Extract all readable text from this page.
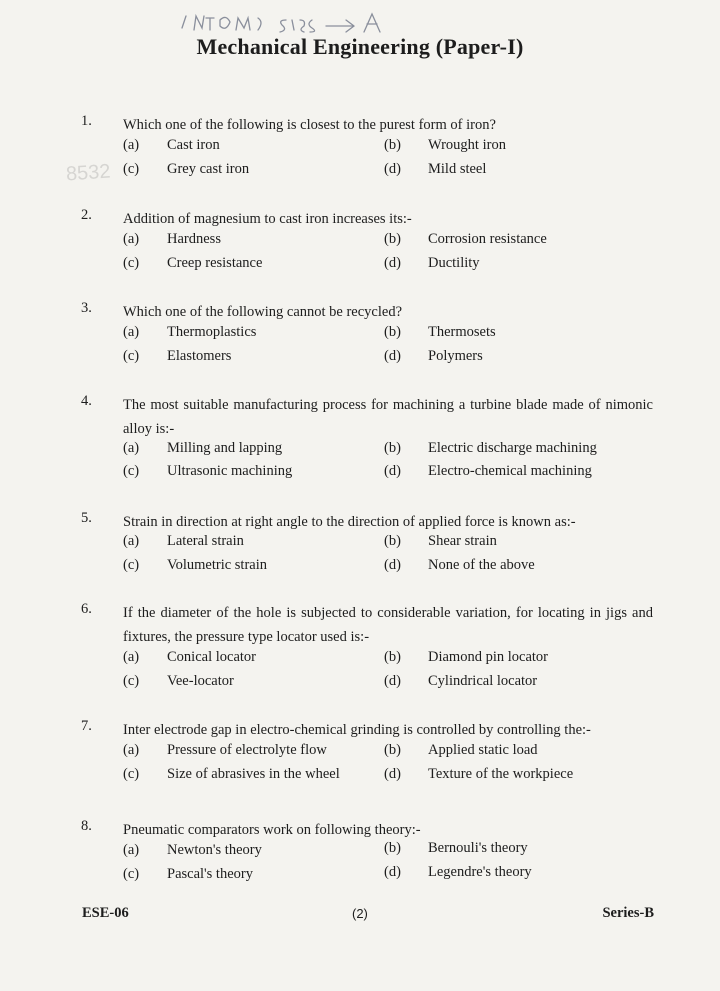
Mechanical Engineering (Paper-I)
8532
1. Which one of the following is closest to the purest form of iron?
(a) Cast iron	(b) Wrought iron
(c) Grey cast iron	(d) Mild steel
2. Addition of magnesium to cast iron increases its:-
(a) Hardness	(b) Corrosion resistance
(c) Creep resistance	(d) Ductility
3. Which one of the following cannot be recycled?
(a) Thermoplastics	(b) Thermosets
(c) Elastomers	(d) Polymers
4. The most suitable manufacturing process for machining a turbine blade made of nimonic alloy is:-
(a) Milling and lapping	(b) Electric discharge machining
(c) Ultrasonic machining	(d) Electro-chemical machining
5. Strain in direction at right angle to the direction of applied force is known as:-
(a) Lateral strain	(b) Shear strain
(c) Volumetric strain	(d) None of the above
6. If the diameter of the hole is subjected to considerable variation, for locating in jigs and fixtures, the pressure type locator used is:-
(a) Conical locator	(b) Diamond pin locator
(c) Vee-locator	(d) Cylindrical locator
7. Inter electrode gap in electro-chemical grinding is controlled by controlling the:-
(a) Pressure of electrolyte flow	(b) Applied static load
(c) Size of abrasives in the wheel	(d) Texture of the workpiece
8. Pneumatic comparators work on following theory:-
(a) Newton's theory	(b) Bernouli's theory
(c) Pascal's theory	(d) Legendre's theory
ESE-06	(2)	Series-B
